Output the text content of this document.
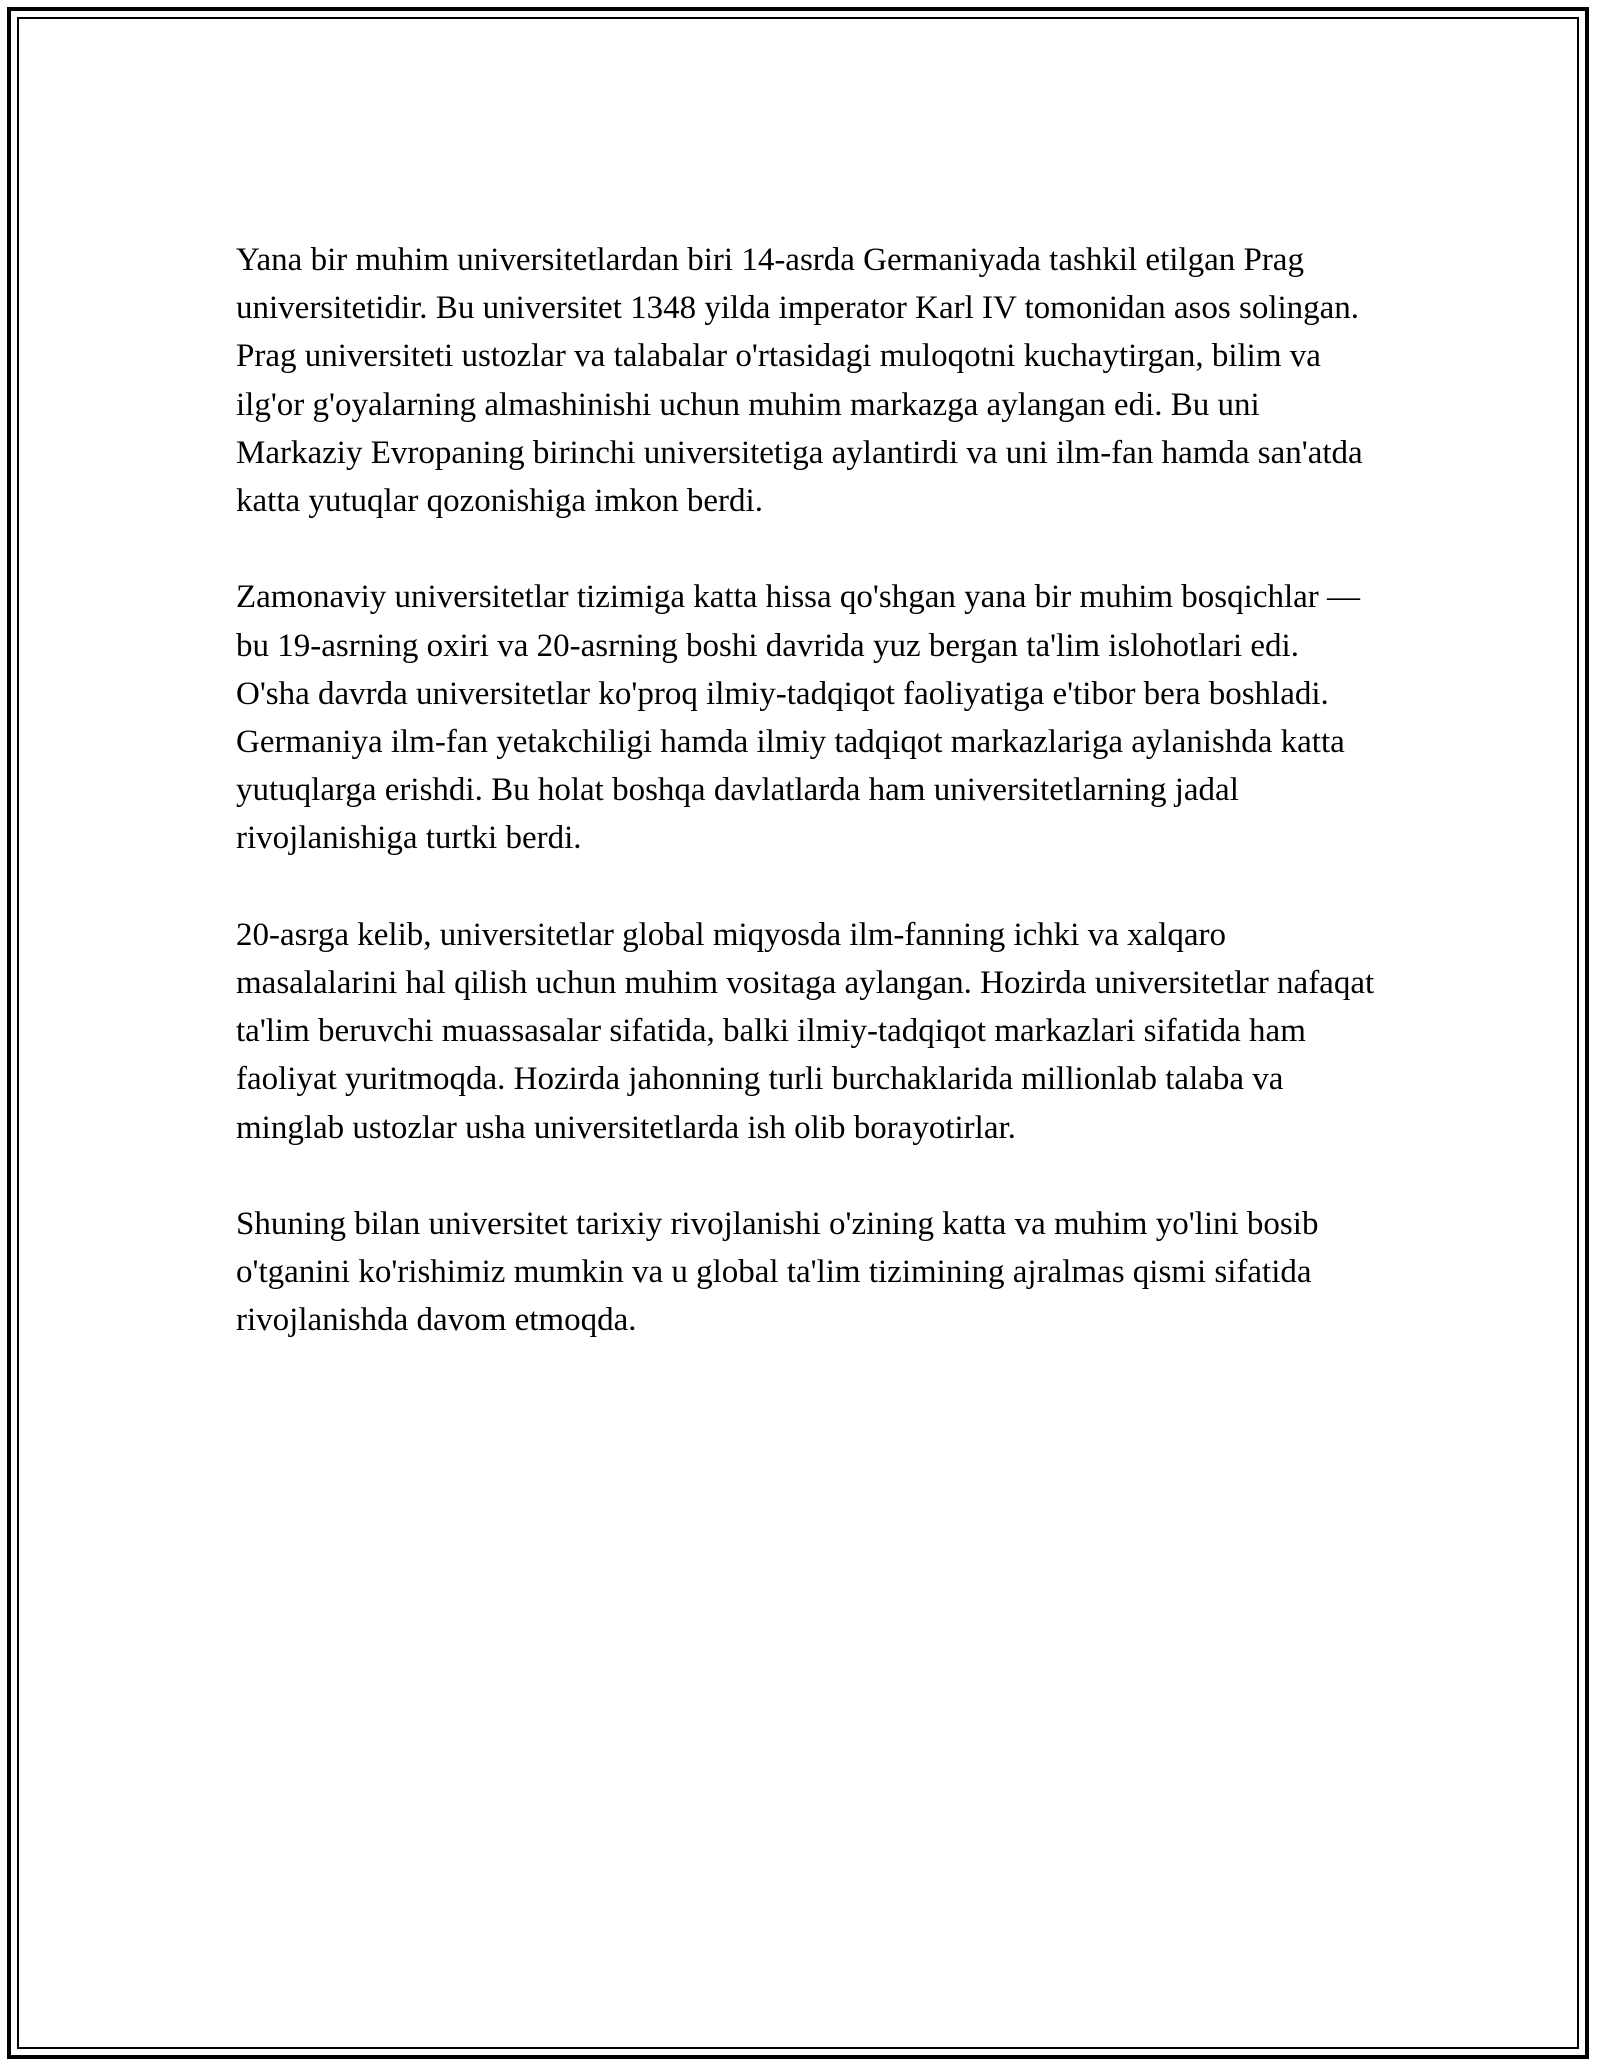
Yana bir muhim universitetlardan biri 14-asrda Germaniyada tashkil etilgan Prag universitetidir. Bu universitet 1348 yilda imperator Karl IV tomonidan asos solingan. Prag universiteti ustozlar va talabalar o'rtasidagi muloqotni kuchaytirgan, bilim va ilg'or g'oyalarning almashinishi uchun muhim markazga aylangan edi. Bu uni Markaziy Evropaning birinchi universitetiga aylantirdi va uni ilm-fan hamda san'atda katta yutuqlar qozonishiga imkon berdi.

Zamonaviy universitetlar tizimiga katta hissa qo'shgan yana bir muhim bosqichlar — bu 19-asrning oxiri va 20-asrning boshi davrida yuz bergan ta'lim islohotlari edi. O'sha davrda universitetlar ko'proq ilmiy-tadqiqot faoliyatiga e'tibor bera boshladi. Germaniya ilm-fan yetakchiligi hamda ilmiy tadqiqot markazlariga aylanishda katta yutuqlarga erishdi. Bu holat boshqa davlatlarda ham universitetlarning jadal rivojlanishiga turtki berdi.

20-asrga kelib, universitetlar global miqyosda ilm-fanning ichki va xalqaro masalalarini hal qilish uchun muhim vositaga aylangan. Hozirda universitetlar nafaqat ta'lim beruvchi muassasalar sifatida, balki ilmiy-tadqiqot markazlari sifatida ham faoliyat yuritmoqda. Hozirda jahonning turli burchaklarida millionlab talaba va minglab ustozlar usha universitetlarda ish olib borayotirlar.

Shuning bilan universitet tarixiy rivojlanishi o'zining katta va muhim yo'lini bosib o'tganini ko'rishimiz mumkin va u global ta'lim tizimining ajralmas qismi sifatida rivojlanishda davom etmoqda.
